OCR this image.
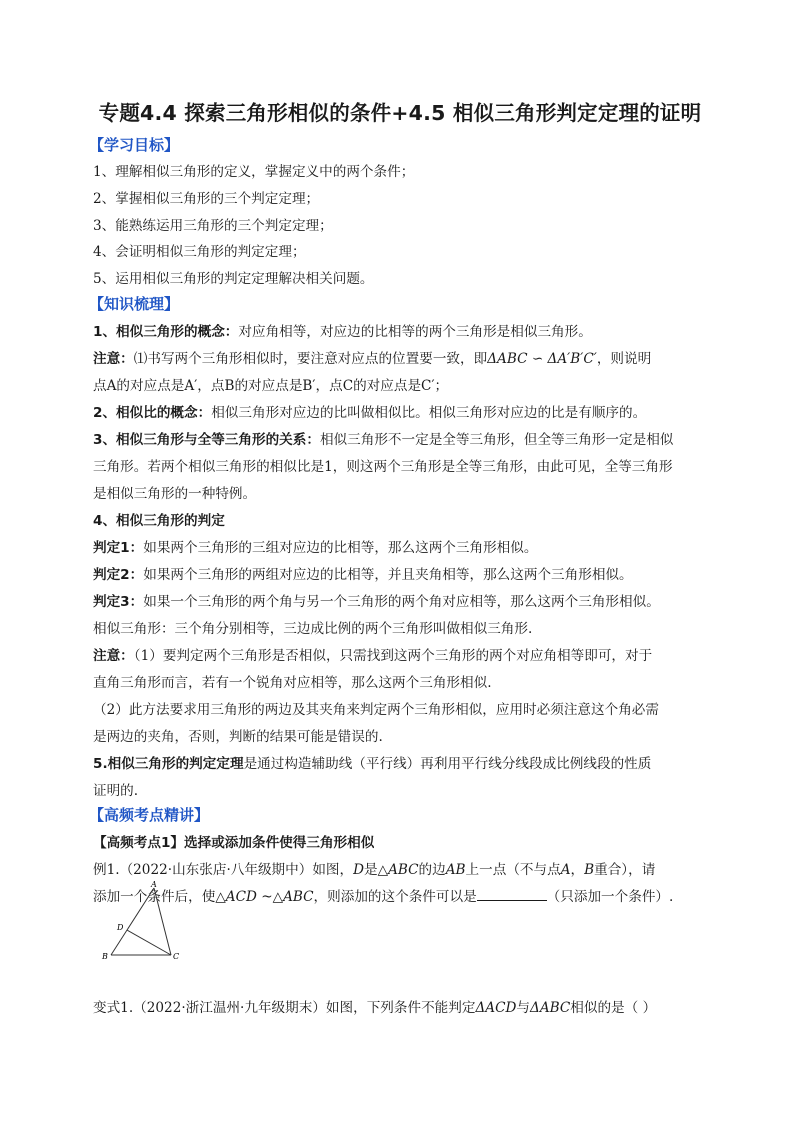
专题4.4 探索三角形相似的条件+4.5 相似三角形判定定理的证明
【学习目标】
1、理解相似三角形的定义，掌握定义中的两个条件；
2、掌握相似三角形的三个判定定理；
3、能熟练运用三角形的三个判定定理；
4、会证明相似三角形的判定定理；
5、运用相似三角形的判定定理解决相关问题。
【知识梳理】
1、相似三角形的概念：对应角相等，对应边的比相等的两个三角形是相似三角形。
注意：⑴书写两个三角形相似时，要注意对应点的位置要一致，即ΔABC ∽ ΔA′B′C′，则说明
点A的对应点是A′，点B的对应点是B′，点C的对应点是C′；
2、相似比的概念：相似三角形对应边的比叫做相似比。相似三角形对应边的比是有顺序的。
3、相似三角形与全等三角形的关系：相似三角形不一定是全等三角形，但全等三角形一定是相似
三角形。若两个相似三角形的相似比是1，则这两个三角形是全等三角形，由此可见，全等三角形
是相似三角形的一种特例。
4、相似三角形的判定
判定1：如果两个三角形的三组对应边的比相等，那么这两个三角形相似。
判定2：如果两个三角形的两组对应边的比相等，并且夹角相等，那么这两个三角形相似。
判定3：如果一个三角形的两个角与另一个三角形的两个角对应相等，那么这两个三角形相似。
相似三角形：三个角分别相等，三边成比例的两个三角形叫做相似三角形.
注意：（1）要判定两个三角形是否相似，只需找到这两个三角形的两个对应角相等即可，对于
直角三角形而言，若有一个锐角对应相等，那么这两个三角形相似.
（2）此方法要求用三角形的两边及其夹角来判定两个三角形相似，应用时必须注意这个角必需
是两边的夹角，否则，判断的结果可能是错误的.
5.相似三角形的判定定理是通过构造辅助线（平行线）再利用平行线分线段成比例线段的性质
证明的.
【高频考点精讲】
【高频考点1】选择或添加条件使得三角形相似
例1.（2022·山东张店·八年级期中）如图，D是△ABC的边AB上一点（不与点A，B重合），请
添加一个条件后，使△ACD ~△ABC，则添加的这个条件可以是	（只添加一个条件）.
A
B	C
D
变式1.（2022·浙江温州·九年级期末）如图，下列条件不能判定ΔACD与ΔABC相似的是（ ）
